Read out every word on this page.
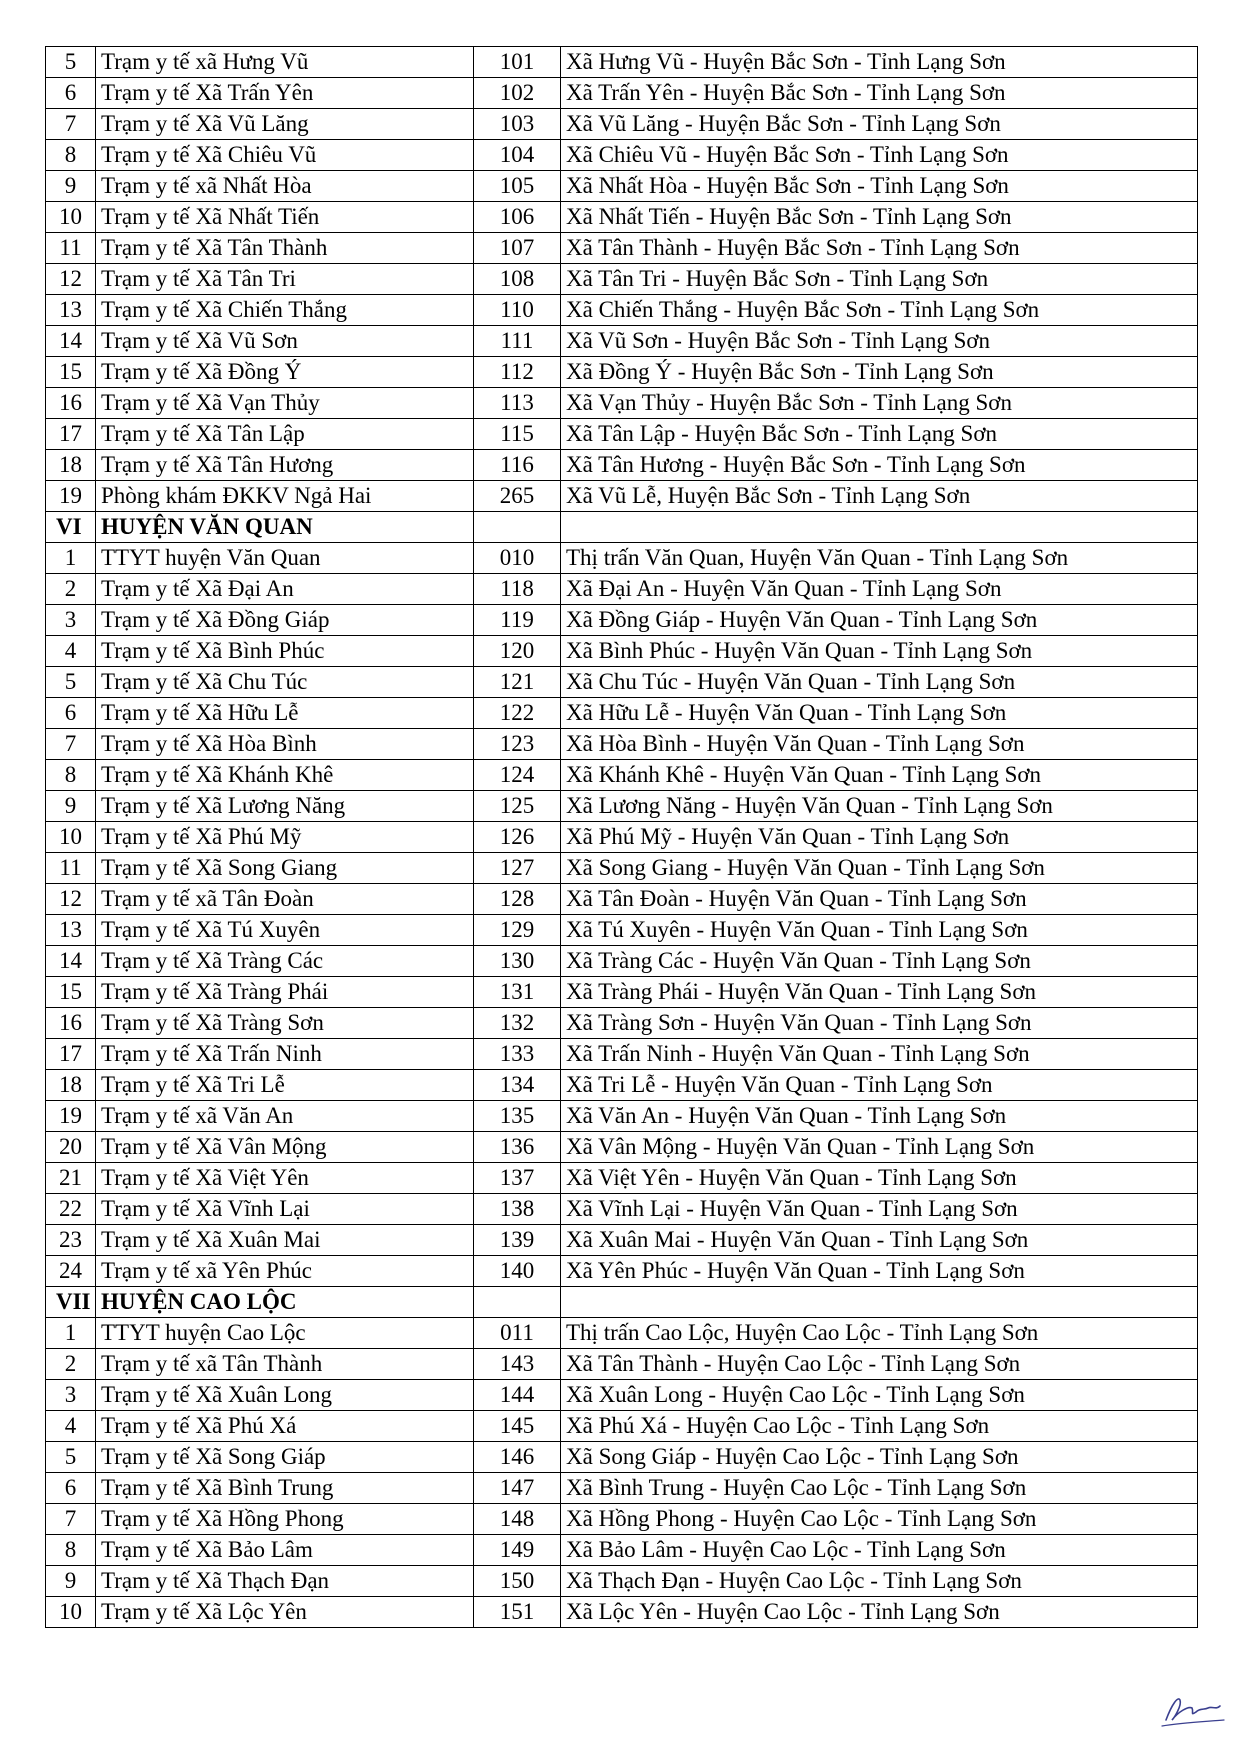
5	Trạm y tế xã Hưng Vũ	101	Xã Hưng Vũ - Huyện Bắc Sơn - Tỉnh Lạng Sơn
6	Trạm y tế Xã Trấn Yên	102	Xã Trấn Yên - Huyện Bắc Sơn - Tỉnh Lạng Sơn
7	Trạm y tế Xã Vũ Lăng	103	Xã Vũ Lăng - Huyện Bắc Sơn - Tỉnh Lạng Sơn
8	Trạm y tế Xã Chiêu Vũ	104	Xã Chiêu Vũ - Huyện Bắc Sơn - Tỉnh Lạng Sơn
9	Trạm y tế xã Nhất Hòa	105	Xã Nhất Hòa - Huyện Bắc Sơn - Tỉnh Lạng Sơn
10	Trạm y tế Xã Nhất Tiến	106	Xã Nhất Tiến - Huyện Bắc Sơn - Tỉnh Lạng Sơn
11	Trạm y tế Xã Tân Thành	107	Xã Tân Thành - Huyện Bắc Sơn - Tỉnh Lạng Sơn
12	Trạm y tế Xã Tân Tri	108	Xã Tân Tri - Huyện Bắc Sơn - Tỉnh Lạng Sơn
13	Trạm y tế Xã Chiến Thắng	110	Xã Chiến Thắng - Huyện Bắc Sơn - Tỉnh Lạng Sơn
14	Trạm y tế Xã Vũ Sơn	111	Xã Vũ Sơn - Huyện Bắc Sơn - Tỉnh Lạng Sơn
15	Trạm y tế Xã Đồng Ý	112	Xã Đồng Ý - Huyện Bắc Sơn - Tỉnh Lạng Sơn
16	Trạm y tế Xã Vạn Thủy	113	Xã Vạn Thủy - Huyện Bắc Sơn - Tỉnh Lạng Sơn
17	Trạm y tế Xã Tân Lập	115	Xã Tân Lập - Huyện Bắc Sơn - Tỉnh Lạng Sơn
18	Trạm y tế Xã Tân Hương	116	Xã Tân Hương - Huyện Bắc Sơn - Tỉnh Lạng Sơn
19	Phòng khám ĐKKV Ngả Hai	265	Xã Vũ Lễ, Huyện Bắc Sơn - Tỉnh Lạng Sơn
VI	HUYỆN VĂN QUAN		
1	TTYT huyện Văn Quan	010	Thị trấn Văn Quan, Huyện Văn Quan - Tỉnh Lạng Sơn
2	Trạm y tế Xã Đại An	118	Xã Đại An - Huyện Văn Quan - Tỉnh Lạng Sơn
3	Trạm y tế Xã Đồng Giáp	119	Xã Đồng Giáp - Huyện Văn Quan - Tỉnh Lạng Sơn
4	Trạm y tế Xã Bình Phúc	120	Xã Bình Phúc - Huyện Văn Quan - Tỉnh Lạng Sơn
5	Trạm y tế Xã Chu Túc	121	Xã Chu Túc - Huyện Văn Quan - Tỉnh Lạng Sơn
6	Trạm y tế Xã Hữu Lễ	122	Xã Hữu Lễ - Huyện Văn Quan - Tỉnh Lạng Sơn
7	Trạm y tế Xã Hòa Bình	123	Xã Hòa Bình - Huyện Văn Quan - Tỉnh Lạng Sơn
8	Trạm y tế Xã Khánh Khê	124	Xã Khánh Khê - Huyện Văn Quan - Tỉnh Lạng Sơn
9	Trạm y tế Xã Lương Năng	125	Xã Lương Năng - Huyện Văn Quan - Tỉnh Lạng Sơn
10	Trạm y tế Xã Phú Mỹ	126	Xã Phú Mỹ - Huyện Văn Quan - Tỉnh Lạng Sơn
11	Trạm y tế Xã Song Giang	127	Xã Song Giang - Huyện Văn Quan - Tỉnh Lạng Sơn
12	Trạm y tế xã Tân Đoàn	128	Xã Tân Đoàn - Huyện Văn Quan - Tỉnh Lạng Sơn
13	Trạm y tế Xã Tú Xuyên	129	Xã Tú Xuyên - Huyện Văn Quan - Tỉnh Lạng Sơn
14	Trạm y tế Xã Tràng Các	130	Xã Tràng Các - Huyện Văn Quan - Tỉnh Lạng Sơn
15	Trạm y tế Xã Tràng Phái	131	Xã Tràng Phái - Huyện Văn Quan - Tỉnh Lạng Sơn
16	Trạm y tế Xã Tràng Sơn	132	Xã Tràng Sơn - Huyện Văn Quan - Tỉnh Lạng Sơn
17	Trạm y tế Xã Trấn Ninh	133	Xã Trấn Ninh - Huyện Văn Quan - Tỉnh Lạng Sơn
18	Trạm y tế Xã Tri Lễ	134	Xã Tri Lễ - Huyện Văn Quan - Tỉnh Lạng Sơn
19	Trạm y tế xã Văn An	135	Xã Văn An - Huyện Văn Quan - Tỉnh Lạng Sơn
20	Trạm y tế Xã Vân Mộng	136	Xã Vân Mộng - Huyện Văn Quan - Tỉnh Lạng Sơn
21	Trạm y tế Xã Việt Yên	137	Xã Việt Yên - Huyện Văn Quan - Tỉnh Lạng Sơn
22	Trạm y tế Xã Vĩnh Lại	138	Xã Vĩnh Lại - Huyện Văn Quan - Tỉnh Lạng Sơn
23	Trạm y tế Xã Xuân Mai	139	Xã Xuân Mai - Huyện Văn Quan - Tỉnh Lạng Sơn
24	Trạm y tế xã Yên Phúc	140	Xã Yên Phúc - Huyện Văn Quan - Tỉnh Lạng Sơn
VII	HUYỆN CAO LỘC		
1	TTYT huyện Cao Lộc	011	Thị trấn Cao Lộc, Huyện Cao Lộc - Tỉnh Lạng Sơn
2	Trạm y tế xã Tân Thành	143	Xã Tân Thành - Huyện Cao Lộc - Tỉnh Lạng Sơn
3	Trạm y tế Xã Xuân Long	144	Xã Xuân Long - Huyện Cao Lộc - Tỉnh Lạng Sơn
4	Trạm y tế Xã Phú Xá	145	Xã Phú Xá - Huyện Cao Lộc - Tỉnh Lạng Sơn
5	Trạm y tế Xã Song Giáp	146	Xã Song Giáp - Huyện Cao Lộc - Tỉnh Lạng Sơn
6	Trạm y tế Xã Bình Trung	147	Xã Bình Trung - Huyện Cao Lộc - Tỉnh Lạng Sơn
7	Trạm y tế Xã Hồng Phong	148	Xã Hồng Phong - Huyện Cao Lộc - Tỉnh Lạng Sơn
8	Trạm y tế Xã Bảo Lâm	149	Xã Bảo Lâm - Huyện Cao Lộc - Tỉnh Lạng Sơn
9	Trạm y tế Xã Thạch Đạn	150	Xã Thạch Đạn - Huyện Cao Lộc - Tỉnh Lạng Sơn
10	Trạm y tế Xã Lộc Yên	151	Xã Lộc Yên - Huyện Cao Lộc - Tỉnh Lạng Sơn
